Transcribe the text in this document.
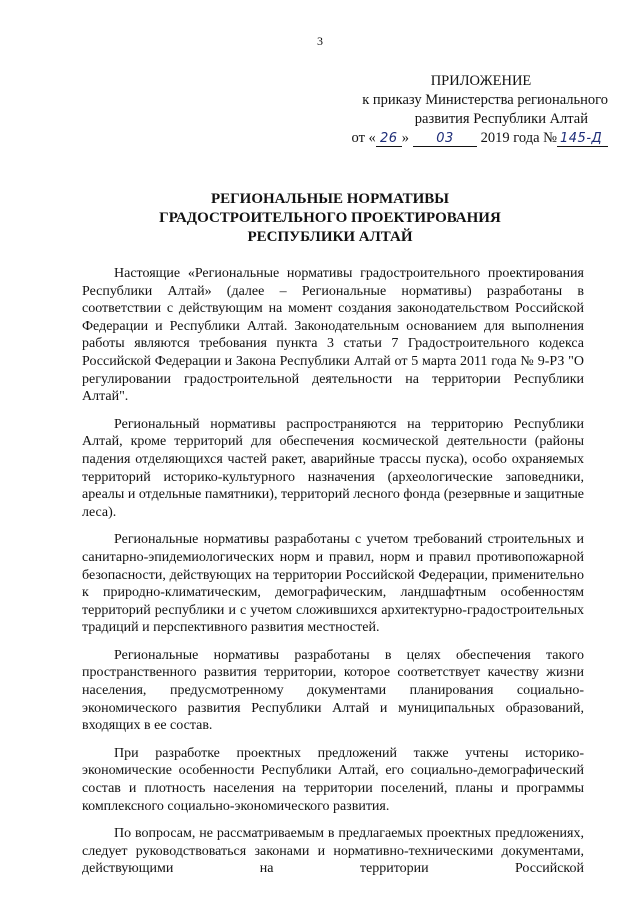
3
ПРИЛОЖЕНИЕ
к приказу Министерства регионального
развития Республики Алтай
от « 26 » 03 2019 года № 145-Д
РЕГИОНАЛЬНЫЕ НОРМАТИВЫ
ГРАДОСТРОИТЕЛЬНОГО ПРОЕКТИРОВАНИЯ
РЕСПУБЛИКИ АЛТАЙ

Настоящие «Региональные нормативы градостроительного проектирования Республики Алтай» (далее – Региональные нормативы) разработаны в соответствии с действующим на момент создания законодательством Российской Федерации и Республики Алтай. Законодательным основанием для выполнения работы являются требования пункта 3 статьи 7 Градостроительного кодекса Российской Федерации и Закона Республики Алтай от 5 марта 2011 года № 9-РЗ "О регулировании градостроительной деятельности на территории Республики Алтай".

Региональный нормативы распространяются на территорию Республики Алтай, кроме территорий для обеспечения космической деятельности (районы падения отделяющихся частей ракет, аварийные трассы пуска), особо охраняемых территорий историко-культурного назначения (археологические заповедники, ареалы и отдельные памятники), территорий лесного фонда (резервные и защитные леса).

Региональные нормативы разработаны с учетом требований строительных и санитарно-эпидемиологических норм и правил, норм и правил противопожарной безопасности, действующих на территории Российской Федерации, применительно к природно-климатическим, демографическим, ландшафтным особенностям территорий республики и с учетом сложившихся архитектурно-градостроительных традиций и перспективного развития местностей.

Региональные нормативы разработаны в целях обеспечения такого пространственного развития территории, которое соответствует качеству жизни населения, предусмотренному документами планирования социально-экономического развития Республики Алтай и муниципальных образований, входящих в ее состав.

При разработке проектных предложений также учтены историко-экономические особенности Республики Алтай, его социально-демографический состав и плотность населения на территории поселений, планы и программы комплексного социально-экономического развития.

По вопросам, не рассматриваемым в предлагаемых проектных предложениях, следует руководствоваться законами и нормативно-техническими документами, действующими на территории Российской
